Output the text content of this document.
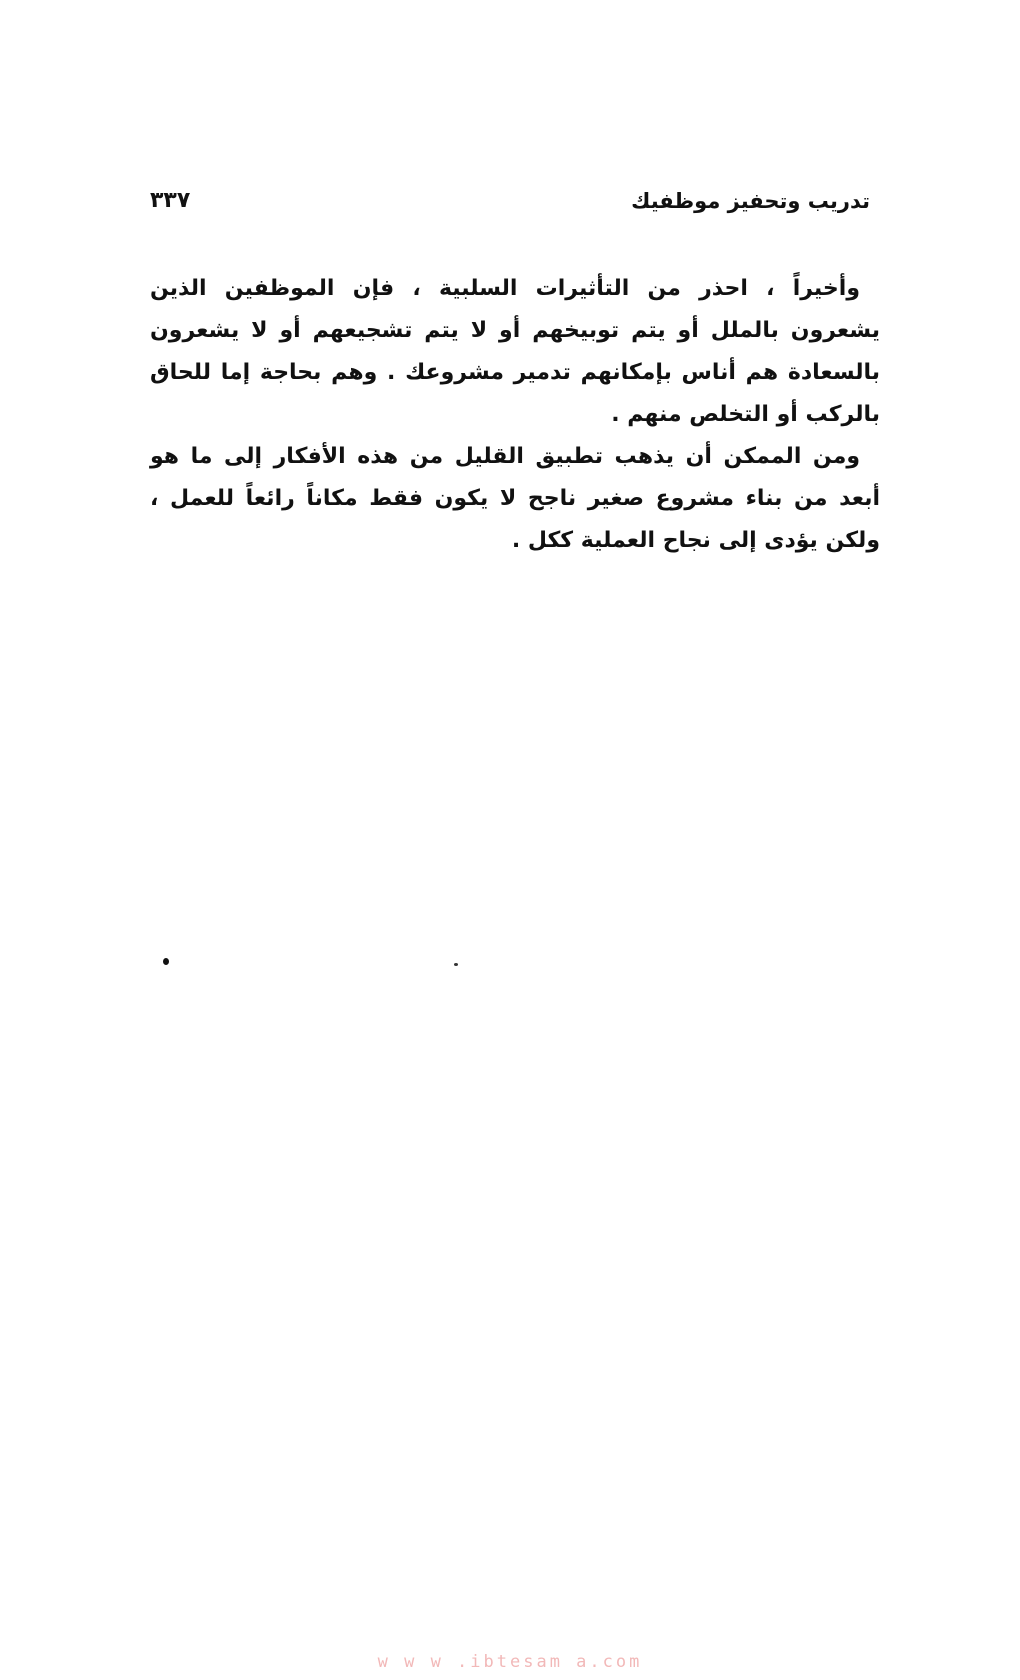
تدريب وتحفيز موظفيك
٣٣٧

وأخيراً ، احذر من التأثيرات السلبية ، فإن الموظفين الذين يشعرون بالملل أو يتم توبيخهم أو لا يتم تشجيعهم أو لا يشعرون بالسعادة هم أناس بإمكانهم تدمير مشروعك . وهم بحاجة إما للحاق بالركب أو التخلص منهم .

ومن الممكن أن يذهب تطبيق القليل من هذه الأفكار إلى ما هو أبعد من بناء مشروع صغير ناجح لا يكون فقط مكاناً رائعاً للعمل ، ولكن يؤدى إلى نجاح العملية ككل .

w w w .ibtesam a.com
